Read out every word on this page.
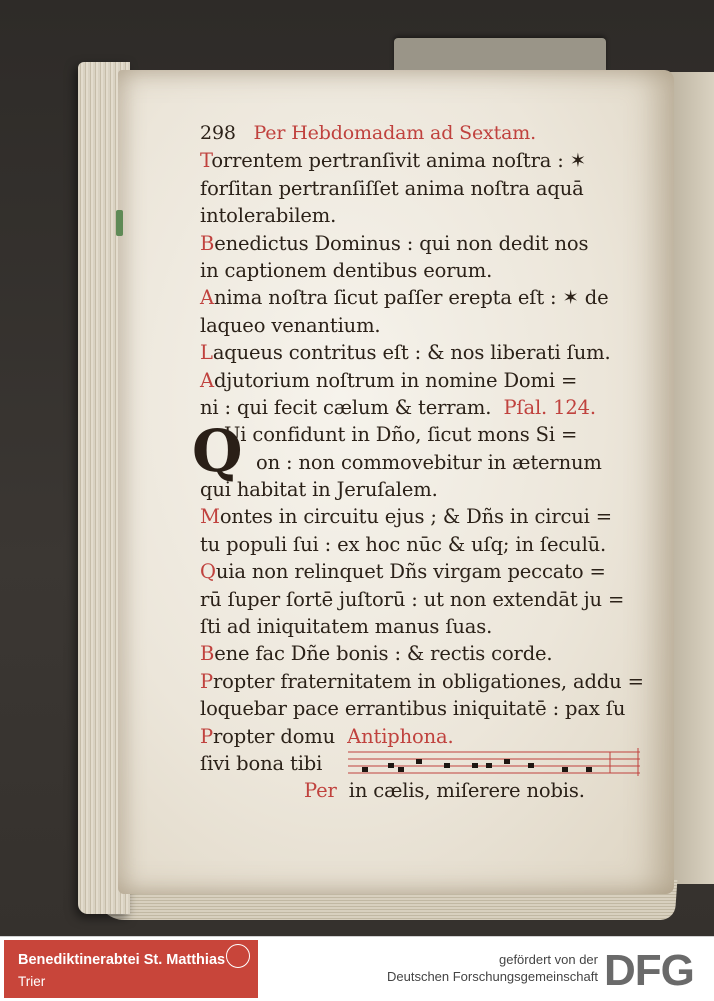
298 Per Hebdomadam ad Sextam.
Torrentem pertranſivit anima noſtra : ✶
forſitan pertranſiſſet anima noſtra aquā
intolerabilem.
Benedictus Dominus : qui non dedit nos
in captionem dentibus eorum.
Anima noſtra ſicut paſſer erepta eſt : ✶ de
laqueo venantium.
Laqueus contritus eſt : & nos liberati ſum.
Adjutorium noſtrum in nomine Domi =
ni : qui fecit cælum & terram. Pſal. 124.
Q
Ui confidunt in Dño, ſicut mons Si =
on : non commovebitur in æternum
qui habitat in Jeruſalem.
Montes in circuitu ejus ; & Dñs in circui =
tu populi ſui : ex hoc nūc & uſq; in ſeculū.
Quia non relinquet Dñs virgam peccato =
rū ſuper ſortē juſtorū : ut non extendāt ju =
ſti ad iniquitatem manus ſuas.
Bene fac Dñe bonis : & rectis corde.
Propter fraternitatem in obligationes, addu =
loquebar pace errantibus iniquitatē : pax ſu
Propter domu Antiphona.
ſivi bona tibi
Per in cælis, miſerere nobis.
Benediktinerabtei St. Matthias
Trier
gefördert von der
Deutschen Forschungsgemeinschaft DFG
